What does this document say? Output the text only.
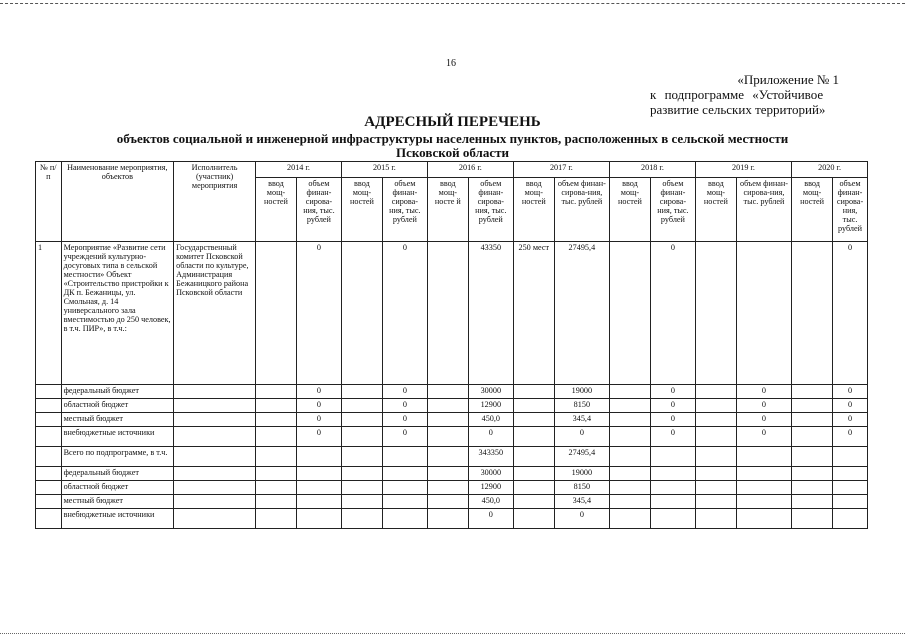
16
«Приложение № 1
к подпрограмме «Устойчивое
развитие сельских территорий»
АДРЕСНЫЙ ПЕРЕЧЕНЬ
объектов социальной и инженерной инфраструктуры населенных пунктов, расположенных в сельской местности
Псковской области
№ п/п	Наименование мероприятия, объектов	Исполнитель (участник) мероприятия	2014 г.		2015 г.		2016 г.		2017 г.		2018 г.		2019 г.		2020 г.	
			ввод мощ-ностей	объем финан-сирова-ния, тыс. рублей	ввод мощ-ностей	объем финан-сирова-ния, тыс. рублей	ввод мощ-носте й	объем финан-сирова-ния, тыс. рублей	ввод мощ-ностей	объем финан-сирова-ния, тыс. рублей	ввод мощ-ностей	объем финан-сирова-ния, тыс. рублей	ввод мощ-ностей	объем финан-сирова-ния, тыс. рублей	ввод мощ-ностей	объем финан-сирова-ния, тыс. рублей
1	Мероприятие «Развитие сети учреждений культурно-досуговых типа в сельской местности» Объект «Строительство пристройки к ДК п. Бежаницы, ул. Смольная, д. 14 универсального зала вместимостью до 250 человек, в т.ч. ПИР», в т.ч.:	Государственный комитет Псковской области по культуре, Администрация Бежаницкого района Псковской области		0		0		43350	250 мест	27495,4		0				0
	федеральный бюджет			0		0		30000		19000		0		0		0
	областной бюджет			0		0		12900		8150		0		0		0
	местный бюджет			0		0		450,0		345,4		0		0		0
	внебюджетные источники			0		0		0		0		0		0		0
	Всего по подпрограмме, в т.ч.							343350		27495,4						
	федеральный бюджет							30000		19000						
	областной бюджет							12900		8150						
	местный бюджет							450,0		345,4						
	внебюджетные источники							0		0						
